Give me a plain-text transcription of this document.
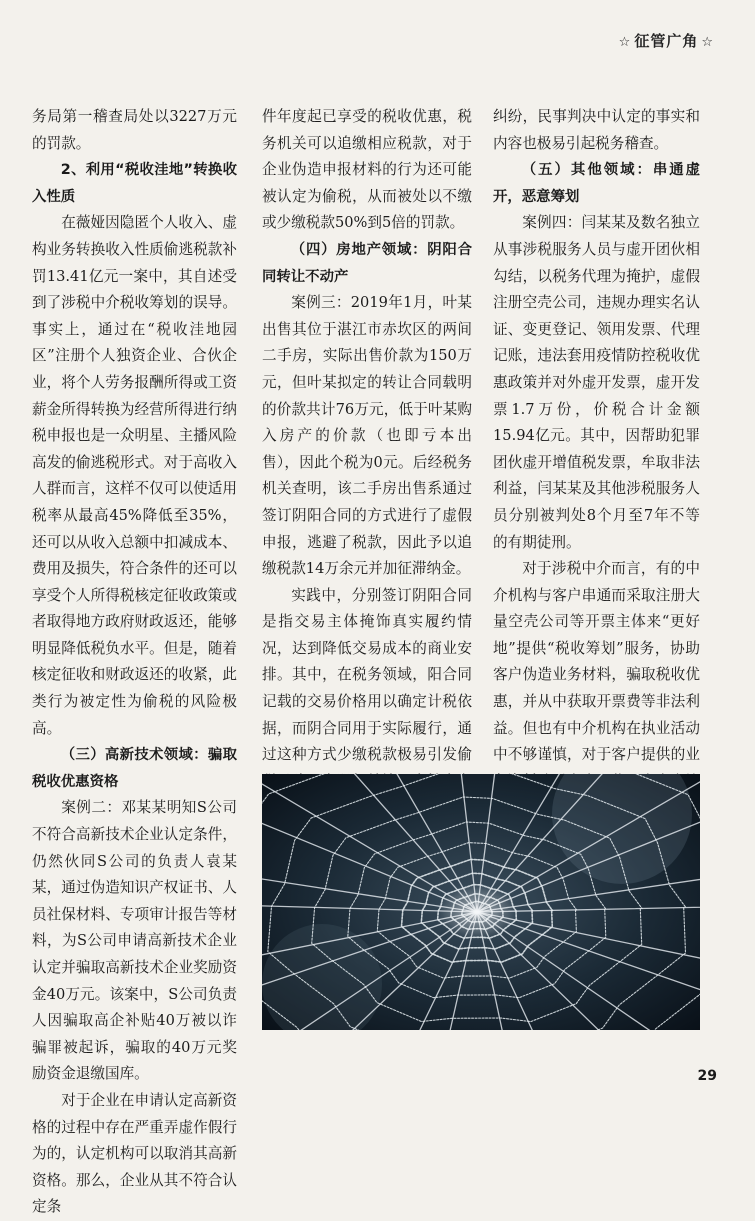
☆ 征管广角 ☆

务局第一稽查局处以3227万元的罚款。

2、利用“税收洼地”转换收入性质

在薇娅因隐匿个人收入、虚构业务转换收入性质偷逃税款补罚13.41亿元一案中，其自述受到了涉税中介税收筹划的误导。事实上，通过在“税收洼地园区”注册个人独资企业、合伙企业，将个人劳务报酬所得或工资薪金所得转换为经营所得进行纳税申报也是一众明星、主播风险高发的偷逃税形式。对于高收入人群而言，这样不仅可以使适用税率从最高45%降低至35%，还可以从收入总额中扣减成本、费用及损失，符合条件的还可以享受个人所得税核定征收政策或者取得地方政府财政返还，能够明显降低税负水平。但是，随着核定征收和财政返还的收紧，此类行为被定性为偷税的风险极高。

（三）高新技术领域：骗取税收优惠资格

案例二：邓某某明知S公司不符合高新技术企业认定条件，仍然伙同S公司的负责人袁某某，通过伪造知识产权证书、人员社保材料、专项审计报告等材料，为S公司申请高新技术企业认定并骗取高新技术企业奖励资金40万元。该案中，S公司负责人因骗取高企补贴40万被以诈骗罪被起诉，骗取的40万元奖励资金退缴国库。

对于企业在申请认定高新资格的过程中存在严重弄虚作假行为的，认定机构可以取消其高新资格。那么，企业从其不符合认定条

件年度起已享受的税收优惠，税务机关可以追缴相应税款，对于企业伪造申报材料的行为还可能被认定为偷税，从而被处以不缴或少缴税款50%到5倍的罚款。

（四）房地产领域：阴阳合同转让不动产

案例三：2019年1月，叶某出售其位于湛江市赤坎区的两间二手房，实际出售价款为150万元，但叶某拟定的转让合同载明的价款共计76万元，低于叶某购入房产的价款（也即亏本出售），因此个税为0元。后经税务机关查明，该二手房出售系通过签订阴阳合同的方式进行了虚假申报，逃避了税款，因此予以追缴税款14万余元并加征滞纳金。

实践中，分别签订阴阳合同是指交易主体掩饰真实履约情况，达到降低交易成本的商业安排。其中，在税务领域，阳合同记载的交易价格用以确定计税依据，而阴合同用于实际履行，通过这种方式少缴税款极易引发偷

纠纷，民事判决中认定的事实和内容也极易引起税务稽查。

（五）其他领域：串通虚开，恶意筹划

案例四：闫某某及数名独立从事涉税服务人员与虚开团伙相勾结，以税务代理为掩护，虚假注册空壳公司，违规办理实名认证、变更登记、领用发票、代理记账，违法套用疫情防控税收优惠政策并对外虚开发票，虚开发票1.7万份，价税合计金额15.94亿元。其中，因帮助犯罪团伙虚开增值税发票，牟取非法利益，闫某某及其他涉税服务人员分别被判处8个月至7年不等的有期徒刑。

对于涉税中介而言，有的中介机构与客户串通而采取注册大量空壳公司等开票主体来“更好地”提供“税收筹划”服务，协助客户伪造业务材料，骗取税收优惠，并从中获取开票费等非法利益。但也有中介机构在执业活动中不够谨慎，对于客户提供的业

29
